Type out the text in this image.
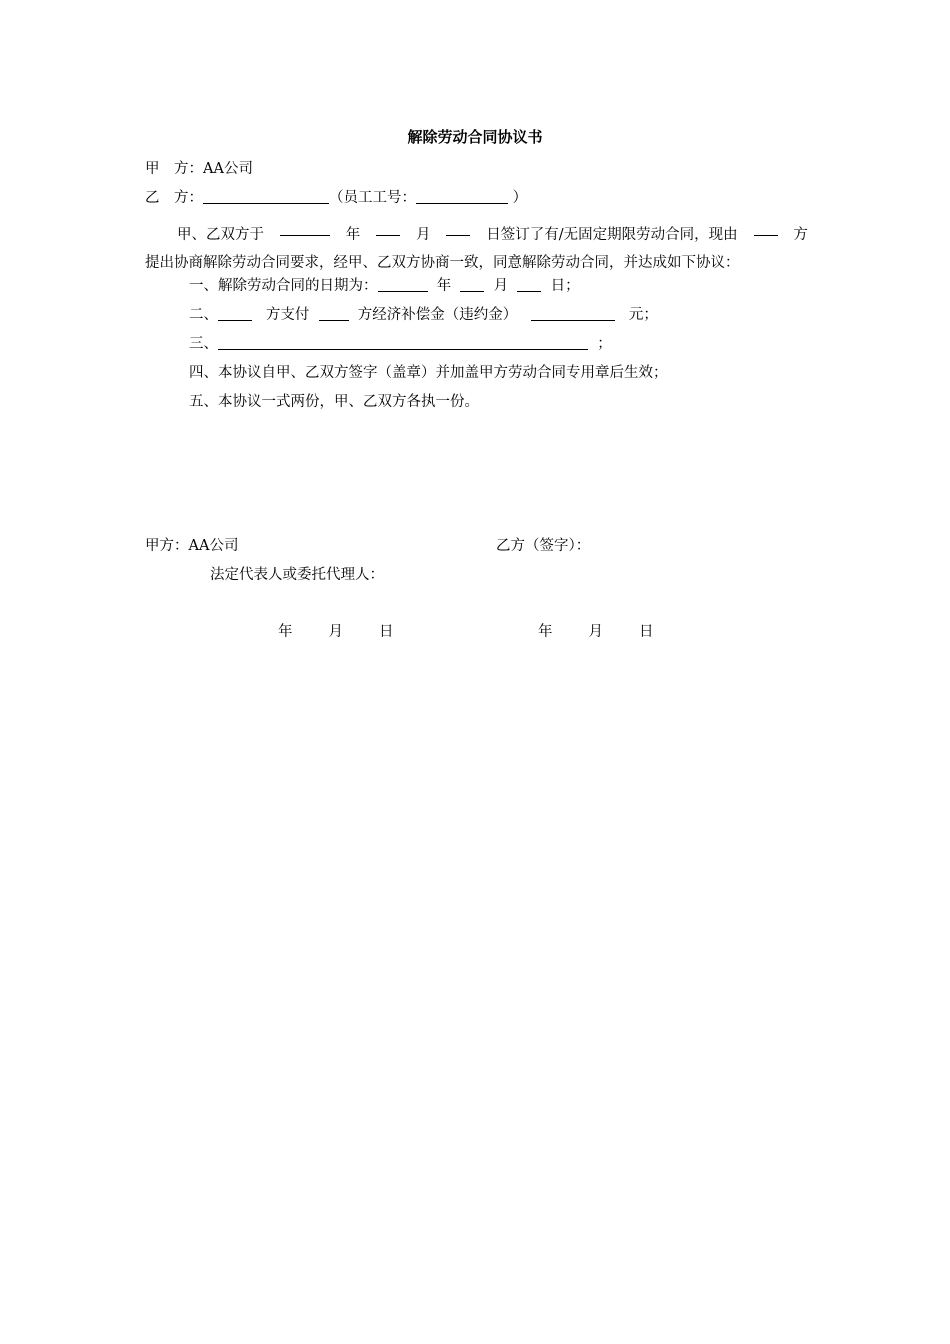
解除劳动合同协议书
甲　方：AA公司
乙　方：	（员工工号：	）
甲、乙双方于	年	月	日签订了有/无固定期限劳动合同，现由	方
提出协商解除劳动合同要求，经甲、乙双方协商一致，同意解除劳动合同，并达成如下协议：
一、解除劳动合同的日期为：	年	月	日；
二、	方支付	方经济补偿金（违约金）	元；
三、	；
四、本协议自甲、乙双方签字（盖章）并加盖甲方劳动合同专用章后生效；
五、本协议一式两份，甲、乙双方各执一份。
甲方：AA公司	乙方（签字）：
法定代表人或委托代理人：
年 月 日	年 月 日
